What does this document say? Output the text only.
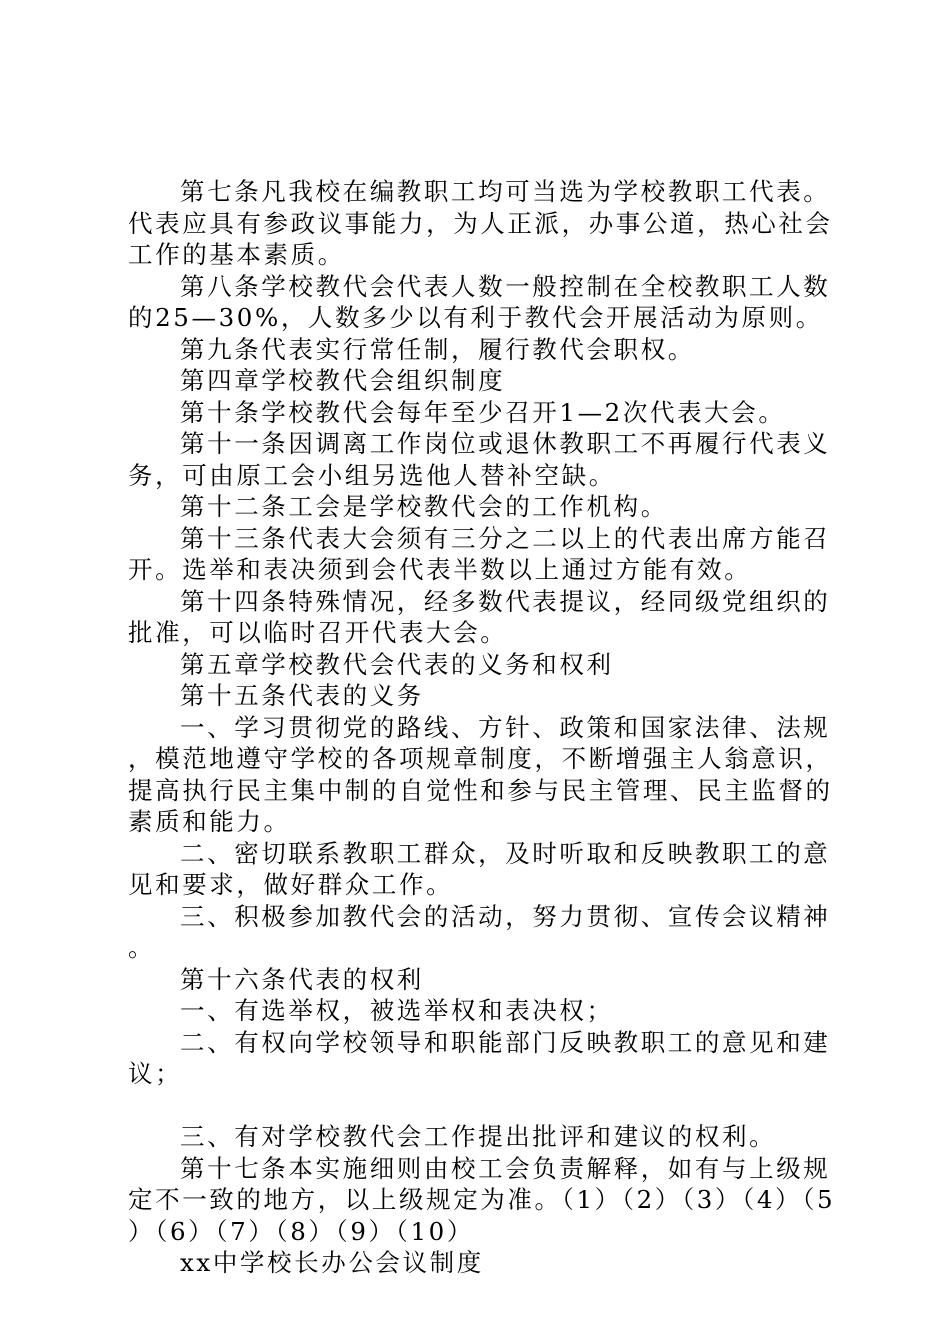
第七条凡我校在编教职工均可当选为学校教职工代表。代表应具有参政议事能力，为人正派，办事公道，热心社会工作的基本素质。

第八条学校教代会代表人数一般控制在全校教职工人数的25—30%，人数多少以有利于教代会开展活动为原则。

第九条代表实行常任制，履行教代会职权。

第四章学校教代会组织制度

第十条学校教代会每年至少召开1—2次代表大会。

第十一条因调离工作岗位或退休教职工不再履行代表义务，可由原工会小组另选他人替补空缺。

第十二条工会是学校教代会的工作机构。

第十三条代表大会须有三分之二以上的代表出席方能召开。选举和表决须到会代表半数以上通过方能有效。

第十四条特殊情况，经多数代表提议，经同级党组织的批准，可以临时召开代表大会。

第五章学校教代会代表的义务和权利

第十五条代表的义务

一、学习贯彻党的路线、方针、政策和国家法律、法规，模范地遵守学校的各项规章制度，不断增强主人翁意识，提高执行民主集中制的自觉性和参与民主管理、民主监督的素质和能力。

二、密切联系教职工群众，及时听取和反映教职工的意见和要求，做好群众工作。

三、积极参加教代会的活动，努力贯彻、宣传会议精神。

第十六条代表的权利

一、有选举权，被选举权和表决权；

二、有权向学校领导和职能部门反映教职工的意见和建议；

三、有对学校教代会工作提出批评和建议的权利。

第十七条本实施细则由校工会负责解释，如有与上级规定不一致的地方，以上级规定为准。（1）（2）（3）（4）（5）（6）（7）（8）（9）（10）

xx中学校长办公会议制度
